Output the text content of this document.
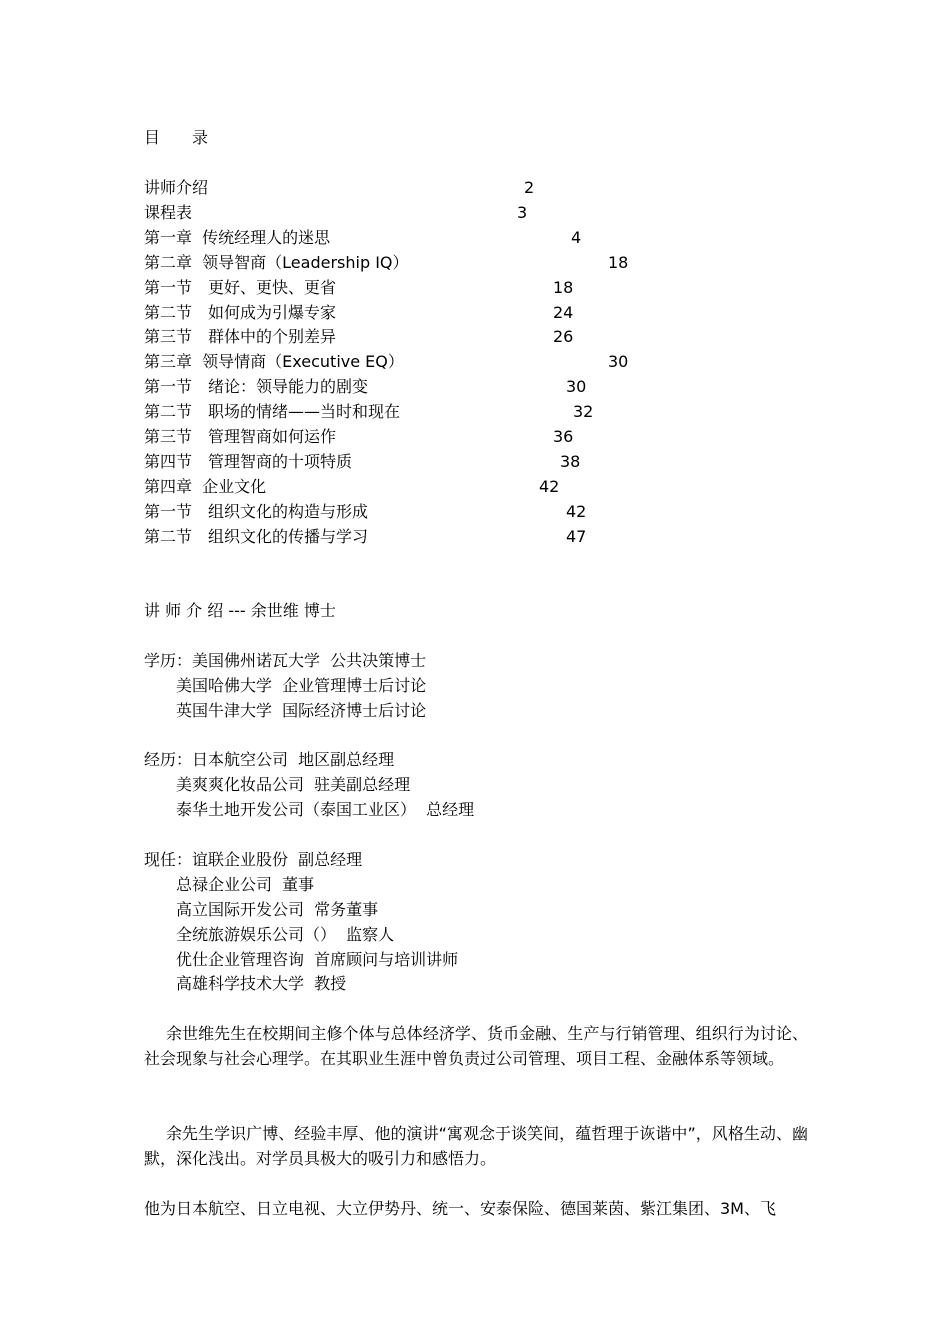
目　　录
讲师介绍	2
课程表	3
第一章  传统经理人的迷思	4
第二章  领导智商（Leadership IQ）	18
第一节　更好、更快、更省	18
第二节　如何成为引爆专家	24
第三节　群体中的个别差异	26
第三章  领导情商（Executive EQ）	30
第一节　绪论：领导能力的剧变	30
第二节　职场的情绪——当时和现在	32
第三节　管理智商如何运作	36
第四节　管理智商的十项特质	38
第四章  企业文化	42
第一节　组织文化的构造与形成	42
第二节　组织文化的传播与学习	47
讲 师 介 绍 --- 余世维 博士
学历：美国佛州诺瓦大学  公共决策博士
　　美国哈佛大学  企业管理博士后讨论
　　英国牛津大学  国际经济博士后讨论
经历：日本航空公司  地区副总经理
　　美爽爽化妆品公司  驻美副总经理
　　泰华土地开发公司（泰国工业区）  总经理
现任：谊联企业股份  副总经理
　　总禄企业公司  董事
　　高立国际开发公司  常务董事
　　全统旅游娱乐公司（）  监察人
　　优仕企业管理咨询  首席顾问与培训讲师
　　高雄科学技术大学  教授
余世维先生在校期间主修个体与总体经济学、货币金融、生产与行销管理、组织行为讨论、社会现象与社会心理学。在其职业生涯中曾负责过公司管理、项目工程、金融体系等领域。
余先生学识广博、经验丰厚、他的演讲“寓观念于谈笑间，蕴哲理于诙谐中”，风格生动、幽默，深化浅出。对学员具极大的吸引力和感悟力。
他为日本航空、日立电视、大立伊势丹、统一、安泰保险、德国莱茵、紫江集团、3M、飞
